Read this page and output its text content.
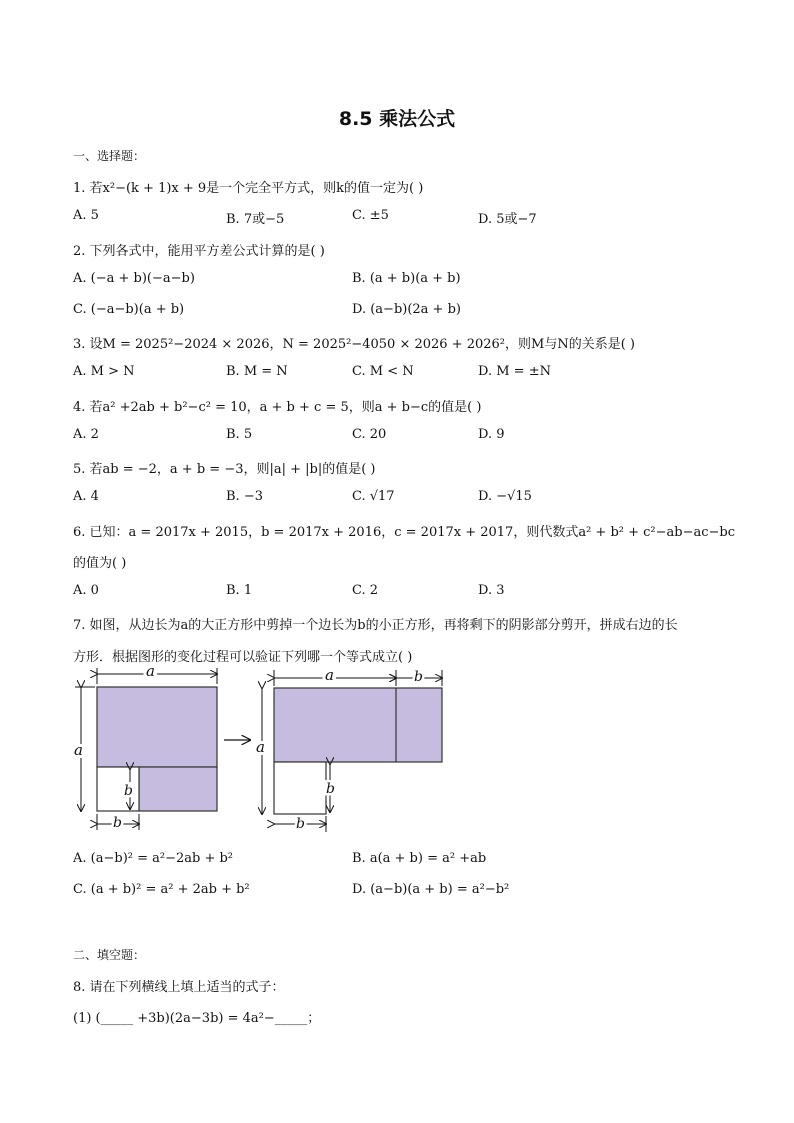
8.5 乘法公式
一、选择题：
1. 若x²−(k + 1)x + 9是一个完全平方式，则k的值一定为( )
A. 5	B. 7或−5	C. ±5	D. 5或−7
2. 下列各式中，能用平方差公式计算的是( )
A. (−a + b)(−a−b)	B. (a + b)(a + b)
C. (−a−b)(a + b)	D. (a−b)(2a + b)
3. 设M = 2025²−2024 × 2026，N = 2025²−4050 × 2026 + 2026²，则M与N的关系是( )
A. M > N	B. M = N	C. M < N	D. M = ±N
4. 若a² +2ab + b²−c² = 10，a + b + c = 5，则a + b−c的值是( )
A. 2	B. 5	C. 20	D. 9
5. 若ab = −2，a + b = −3，则|a| + |b|的值是( )
A. 4	B. −3	C. √17	D. −√15
6. 已知：a = 2017x + 2015，b = 2017x + 2016，c = 2017x + 2017，则代数式a² + b² + c²−ab−ac−bc
的值为( )
A. 0	B. 1	C. 2	D. 3
7. 如图，从边长为a的大正方形中剪掉一个边长为b的小正方形，再将剩下的阴影部分剪开，拼成右边的长
方形．根据图形的变化过程可以验证下列哪一个等式成立( )
a
a
b
b
a	b
a
b
b
A. (a−b)² = a²−2ab + b²	B. a(a + b) = a² +ab
C. (a + b)² = a² + 2ab + b²	D. (a−b)(a + b) = a²−b²
二、填空题：
8. 请在下列横线上填上适当的式子：
(1) (_____ +3b)(2a−3b) = 4a²−_____；
